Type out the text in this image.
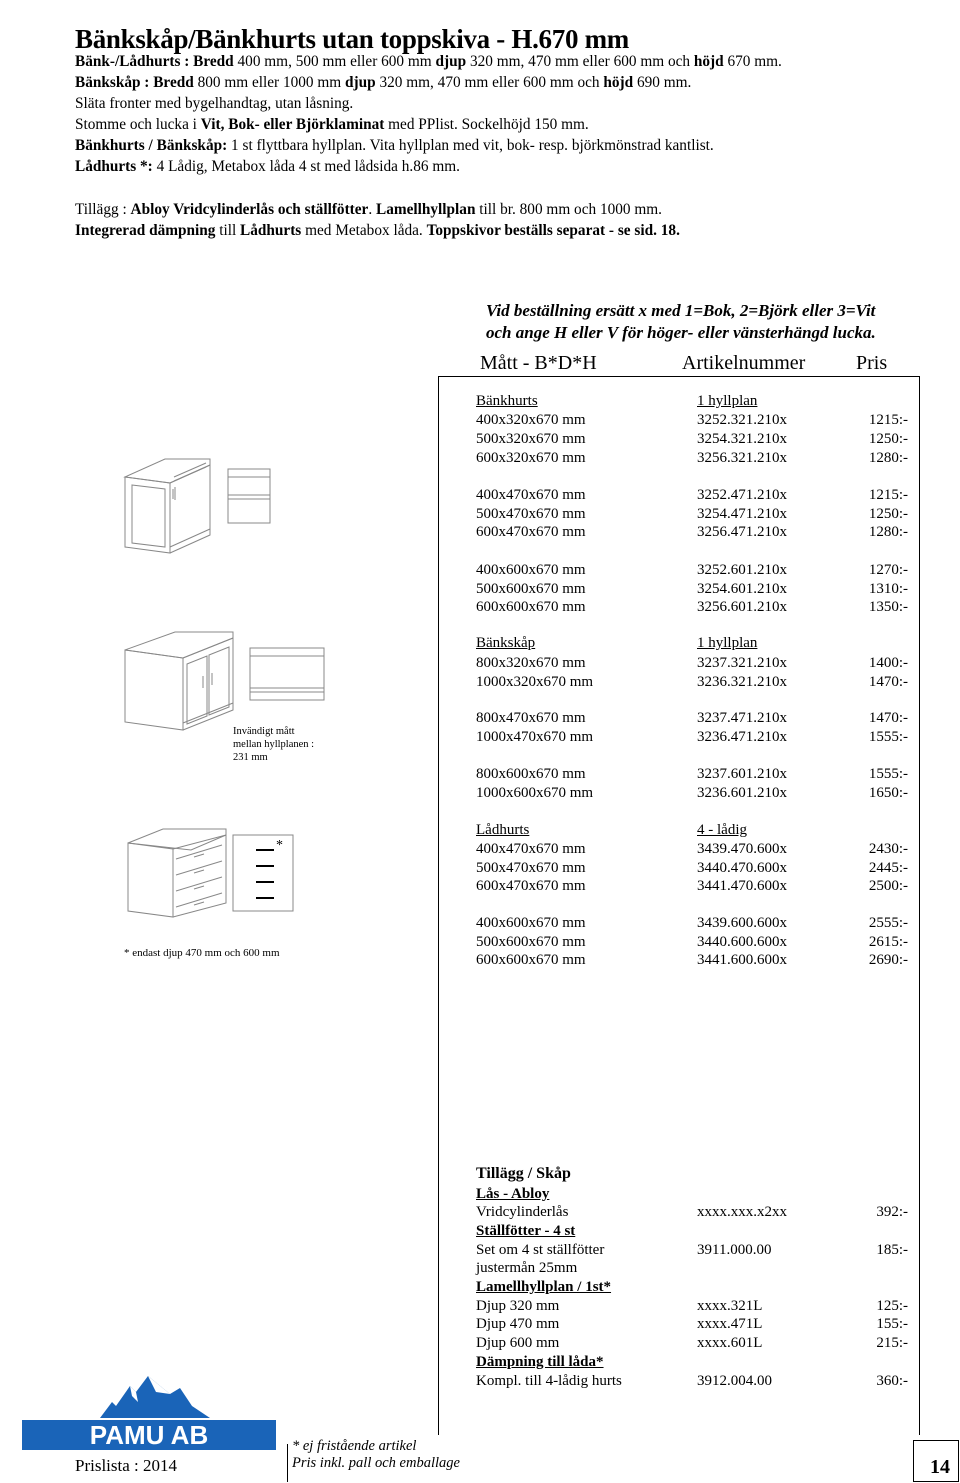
Bänkskåp/Bänkhurts utan toppskiva - H.670 mm
Bänk-/Lådhurts : Bredd 400 mm, 500 mm eller 600 mm djup 320 mm, 470 mm eller 600 mm och höjd 670 mm.
Bänkskåp : Bredd 800 mm eller 1000 mm djup 320 mm, 470 mm eller 600 mm och höjd 690 mm.
Släta fronter med bygelhandtag, utan låsning.
Stomme och lucka i Vit, Bok- eller Björklaminat med PPlist. Sockelhöjd 150 mm.
Bänkhurts / Bänkskåp: 1 st flyttbara hyllplan. Vita hyllplan med vit, bok- resp. björkmönstrad kantlist.
Lådhurts *: 4 Lådig, Metabox låda 4 st med lådsida h.86 mm.
Tillägg : Abloy Vridcylinderlås och ställfötter. Lamellhyllplan till br. 800 mm och 1000 mm.
Integrerad dämpning till Lådhurts med Metabox låda. Toppskivor beställs separat - se sid. 18.
Vid beställning ersätt x med 1=Bok, 2=Björk eller 3=Vit
och ange H eller V för höger- eller vänsterhängd lucka.
Mått - B*D*H	Artikelnummer	Pris
Bänkhurts	1 hyllplan
400x320x670 mm	3252.321.210x	1215:-
500x320x670 mm	3254.321.210x	1250:-
600x320x670 mm	3256.321.210x	1280:-
400x470x670 mm	3252.471.210x	1215:-
500x470x670 mm	3254.471.210x	1250:-
600x470x670 mm	3256.471.210x	1280:-
400x600x670 mm	3252.601.210x	1270:-
500x600x670 mm	3254.601.210x	1310:-
600x600x670 mm	3256.601.210x	1350:-
Bänkskåp	1 hyllplan
800x320x670 mm	3237.321.210x	1400:-
1000x320x670 mm	3236.321.210x	1470:-
800x470x670 mm	3237.471.210x	1470:-
1000x470x670 mm	3236.471.210x	1555:-
800x600x670 mm	3237.601.210x	1555:-
1000x600x670 mm	3236.601.210x	1650:-
Lådhurts	4 - lådig
400x470x670 mm	3439.470.600x	2430:-
500x470x670 mm	3440.470.600x	2445:-
600x470x670 mm	3441.470.600x	2500:-
400x600x670 mm	3439.600.600x	2555:-
500x600x670 mm	3440.600.600x	2615:-
600x600x670 mm	3441.600.600x	2690:-
Tillägg / Skåp
Lås - Abloy
Vridcylinderlås	xxxx.xxx.x2xx	392:-
Ställfötter - 4 st
Set om 4 st ställfötter	3911.000.00	185:-
justermån 25mm
Lamellhyllplan / 1st*
Djup 320 mm	xxxx.321L	125:-
Djup 470 mm	xxxx.471L	155:-
Djup 600 mm	xxxx.601L	215:-
Dämpning till låda*
Kompl. till 4-lådig hurts	3912.004.00	360:-
*
Invändigt mått
mellan hyllplanen :
231 mm
* endast djup 470 mm och 600 mm
PAMU AB
Prislista : 2014
* ej fristående artikel
Pris inkl. pall och emballage	14
